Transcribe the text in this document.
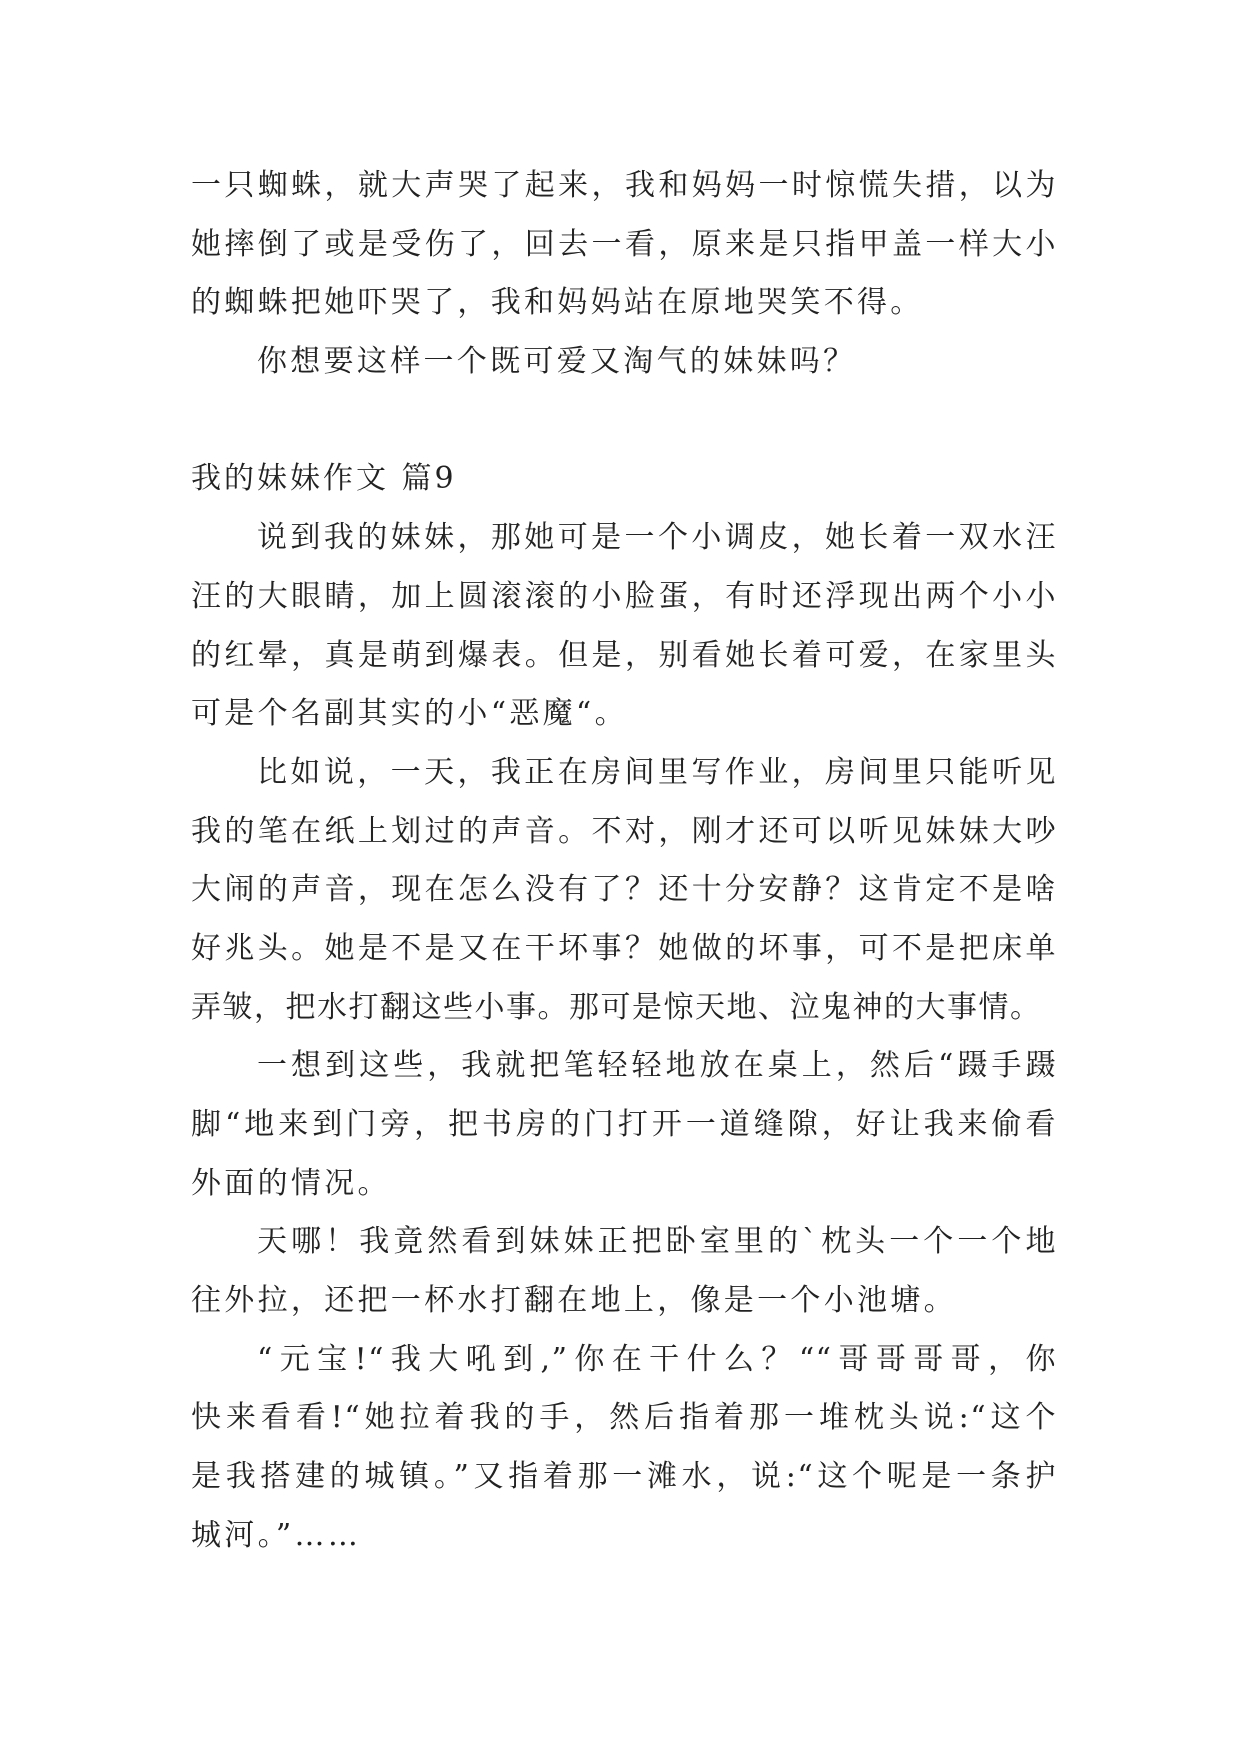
一只蜘蛛，就大声哭了起来，我和妈妈一时惊慌失措，以为
她摔倒了或是受伤了，回去一看，原来是只指甲盖一样大小
的蜘蛛把她吓哭了，我和妈妈站在原地哭笑不得。
你想要这样一个既可爱又淘气的妹妹吗？
我的妹妹作文 篇9
说到我的妹妹，那她可是一个小调皮，她长着一双水汪
汪的大眼睛，加上圆滚滚的小脸蛋，有时还浮现出两个小小
的红晕，真是萌到爆表。但是，别看她长着可爱，在家里头
可是个名副其实的小“恶魔“。
比如说，一天，我正在房间里写作业，房间里只能听见
我的笔在纸上划过的声音。不对，刚才还可以听见妹妹大吵
大闹的声音，现在怎么没有了？还十分安静？这肯定不是啥
好兆头。她是不是又在干坏事？她做的坏事，可不是把床单
弄皱，把水打翻这些小事。那可是惊天地、泣鬼神的大事情。
一想到这些，我就把笔轻轻地放在桌上，然后“蹑手蹑
脚“地来到门旁，把书房的门打开一道缝隙，好让我来偷看
外面的情况。
天哪！我竟然看到妹妹正把卧室里的`枕头一个一个地
往外拉，还把一杯水打翻在地上，像是一个小池塘。
“元宝!“我大吼到,”你在干什么？““哥哥哥哥，你
快来看看!“她拉着我的手，然后指着那一堆枕头说:“这个
是我搭建的城镇。”又指着那一滩水，说:“这个呢是一条护
城河。”……
